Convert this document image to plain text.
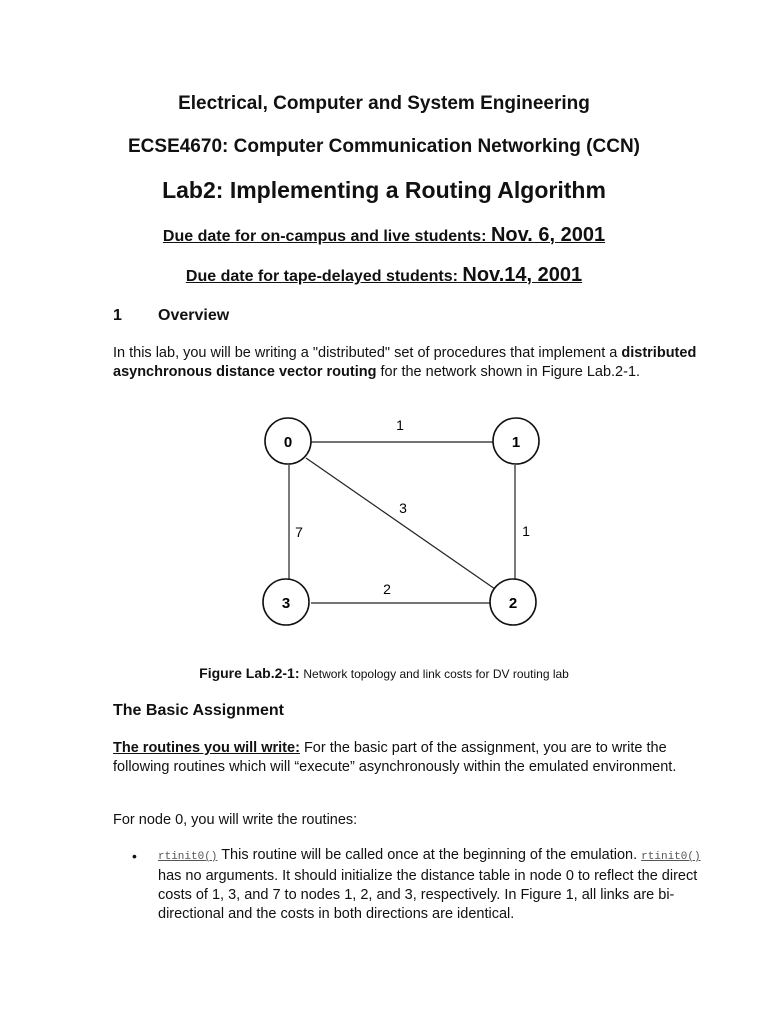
Electrical, Computer and System Engineering
ECSE4670: Computer Communication Networking (CCN)
Lab2: Implementing a Routing Algorithm
Due date for on-campus and live students: Nov. 6, 2001
Due date for tape-delayed students: Nov.14, 2001
1 Overview
In this lab, you will be writing a "distributed" set of procedures that implement a distributed asynchronous distance vector routing for the network shown in Figure Lab.2-1.
1
3
7	1
2
0	1
2
3
Figure Lab.2-1: Network topology and link costs for DV routing lab
The Basic Assignment
The routines you will write: For the basic part of the assignment, you are to write the following routines which will “execute” asynchronously within the emulated environment.
For node 0, you will write the routines:
• rtinit0() This routine will be called once at the beginning of the emulation. rtinit0() has no arguments. It should initialize the distance table in node 0 to reflect the direct costs of 1, 3, and 7 to nodes 1, 2, and 3, respectively. In Figure 1, all links are bi-directional and the costs in both directions are identical.
